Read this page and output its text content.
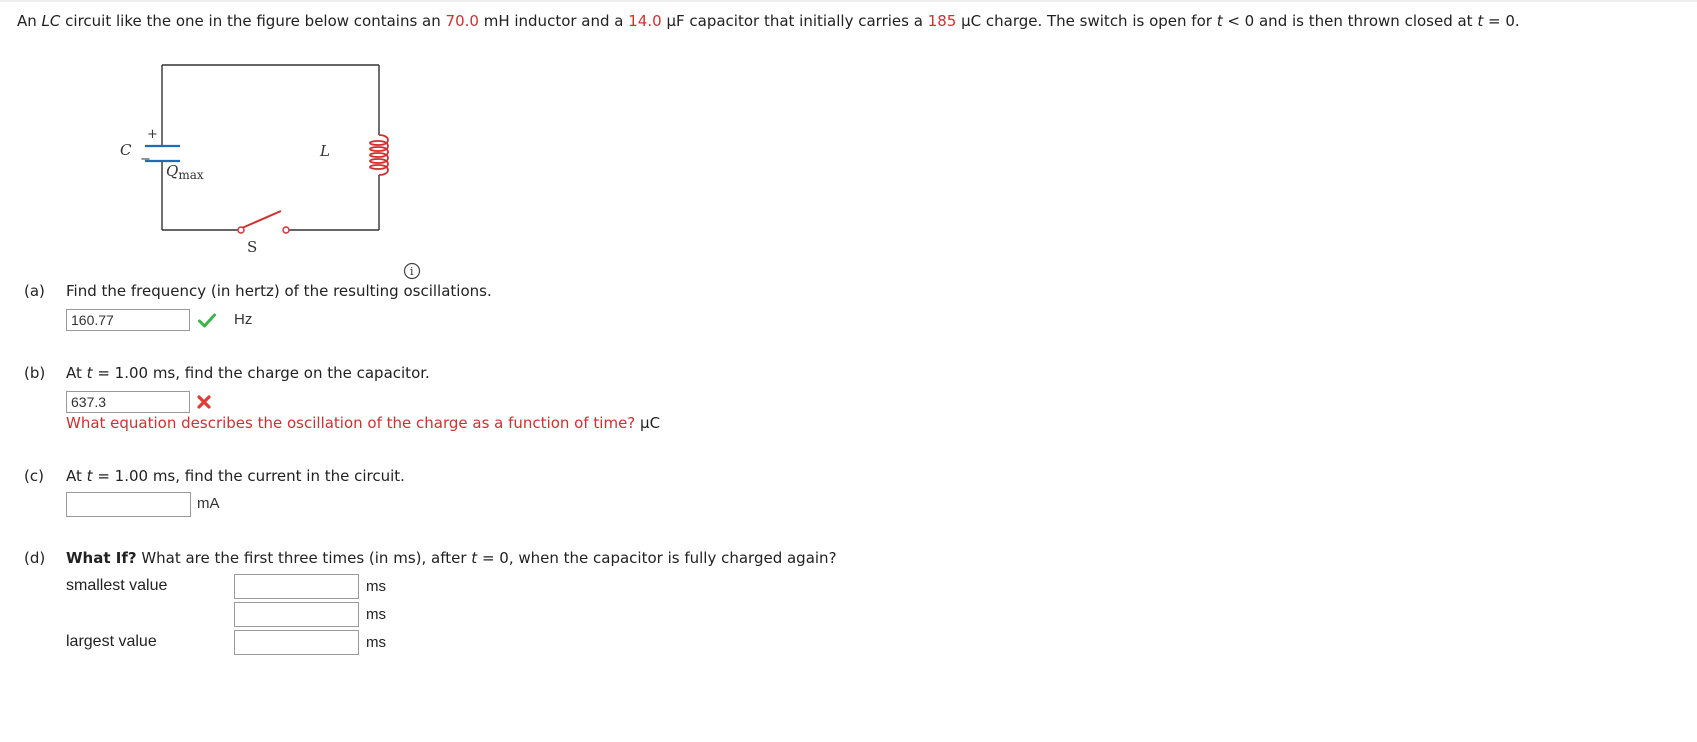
An LC circuit like the one in the figure below contains an 70.0 mH inductor and a 14.0 µF capacitor that initially carries a 185 µC charge. The switch is open for t < 0 and is then thrown closed at t = 0.
+
−
C
$Q_{max}$
L
S
i
(a) Find the frequency (in hertz) of the resulting oscillations.
160.77	Hz
(b) At t = 1.00 ms, find the charge on the capacitor.
637.3
What equation describes the oscillation of the charge as a function of time? µC
(c) At t = 1.00 ms, find the current in the circuit.
mA
(d) What If? What are the first three times (in ms), after t = 0, when the capacitor is fully charged again?
smallest value	ms
ms
largest value	ms
